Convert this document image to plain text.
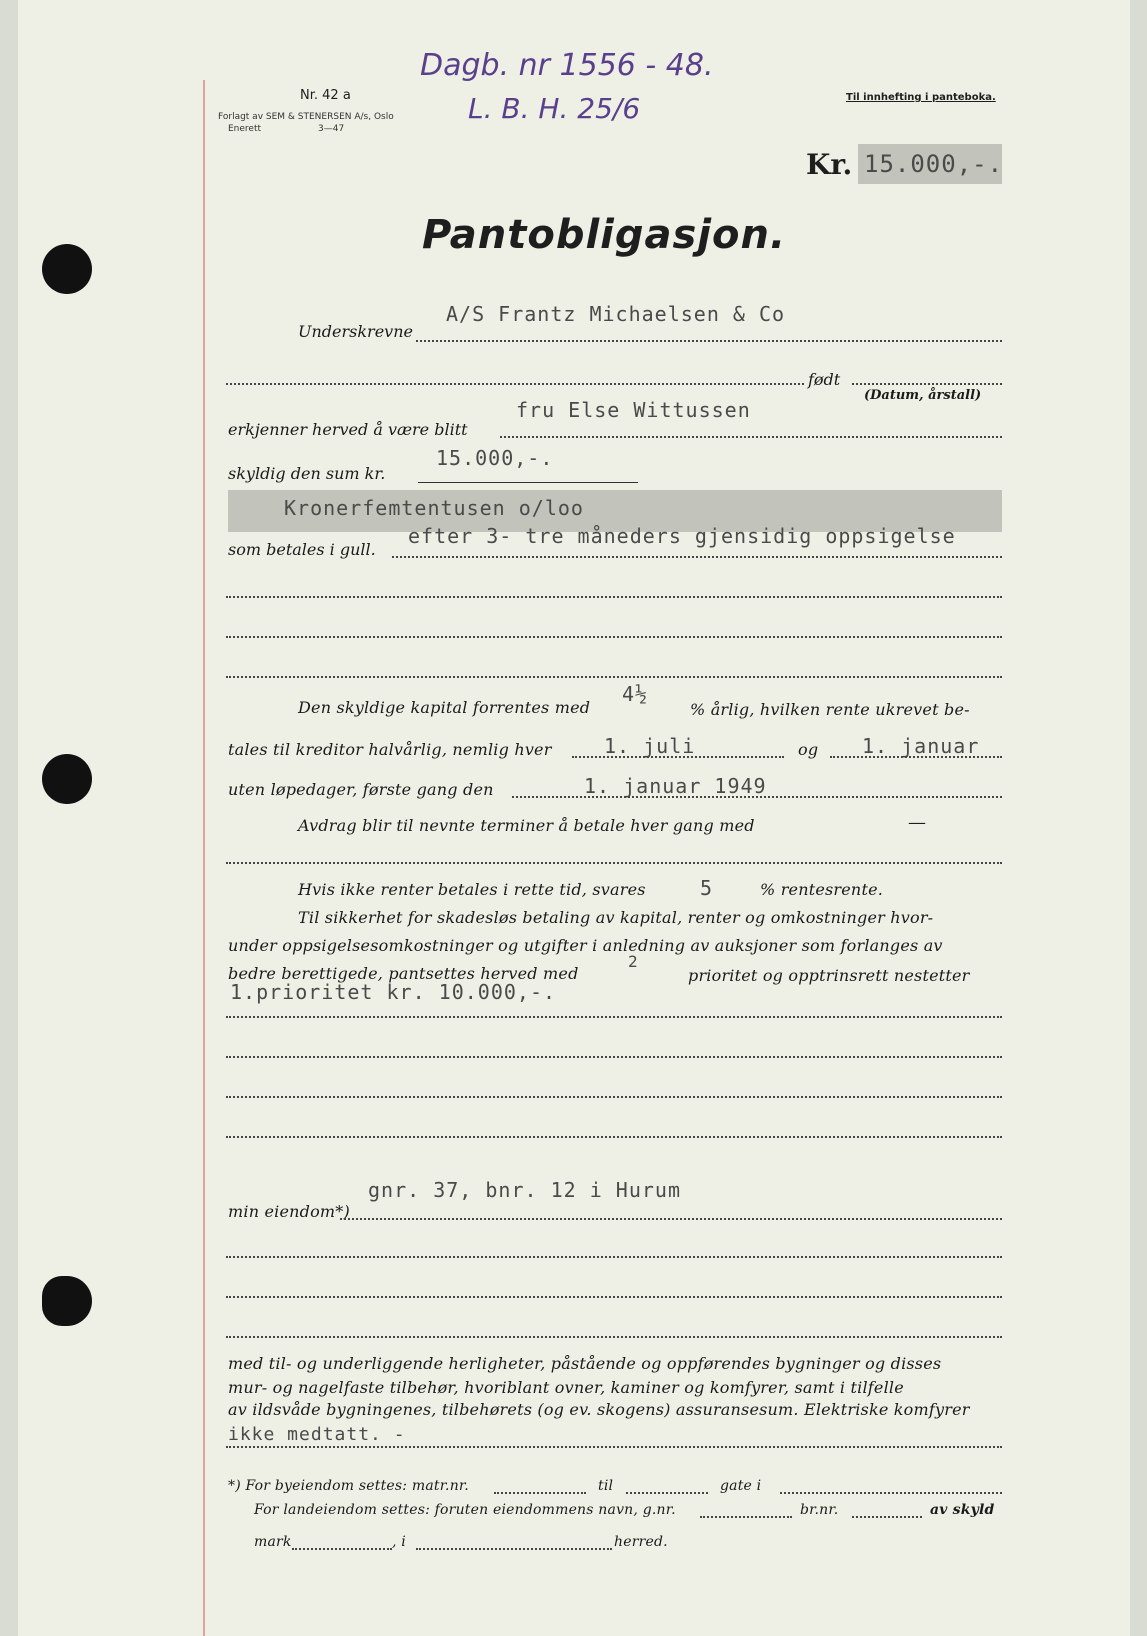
Nr. 42 a
Forlagt av SEM & STENERSEN A/s, Oslo
Enerett	3—47
Dagb. nr 1556 - 48.
L. B. H. 25/6	Til innhefting i panteboka.
Kr. 15.000,-.
Pantobligasjon.
Underskrevne
A/S Frantz Michaelsen & Co
født
(Datum, årstall)
erkjenner herved å være blitt
fru Else Wittussen
skyldig den sum kr.
15.000,-.
Kronerfemtentusen o/loo
efter 3- tre måneders gjensidig oppsigelse
som betales i gull.
Den skyldige kapital forrentes med
4½
% årlig, hvilken rente ukrevet be-
tales til kreditor halvårlig, nemlig hver	1. juli	og 1. januar
uten løpedager, første gang den	1. januar 1949
Avdrag blir til nevnte terminer å betale hver gang med	—
Hvis ikke renter betales i rette tid, svares	5	% rentesrente.
Til sikkerhet for skadesløs betaling av kapital, renter og omkostninger hvor-
under oppsigelsesomkostninger og utgifter i anledning av auksjoner som forlanges av
bedre berettigede, pantsettes herved med
2
prioritet og opptrinsrett nestetter
1.prioritet kr. 10.000,-.
gnr. 37, bnr. 12 i Hurum
min eiendom*)
med til- og underliggende herligheter, påstående og oppførendes bygninger og disses
mur- og nagelfaste tilbehør, hvoriblant ovner, kaminer og komfyrer, samt i tilfelle
av ildsvåde bygningenes, tilbehørets (og ev. skogens) assuransesum. Elektriske komfyrer
ikke medtatt. -
*) For byeiendom settes: matr.nr.	til	gate i
For landeiendom settes: foruten eiendommens navn, g.nr.	br.nr.	av skyld
mark	, i	herred.
